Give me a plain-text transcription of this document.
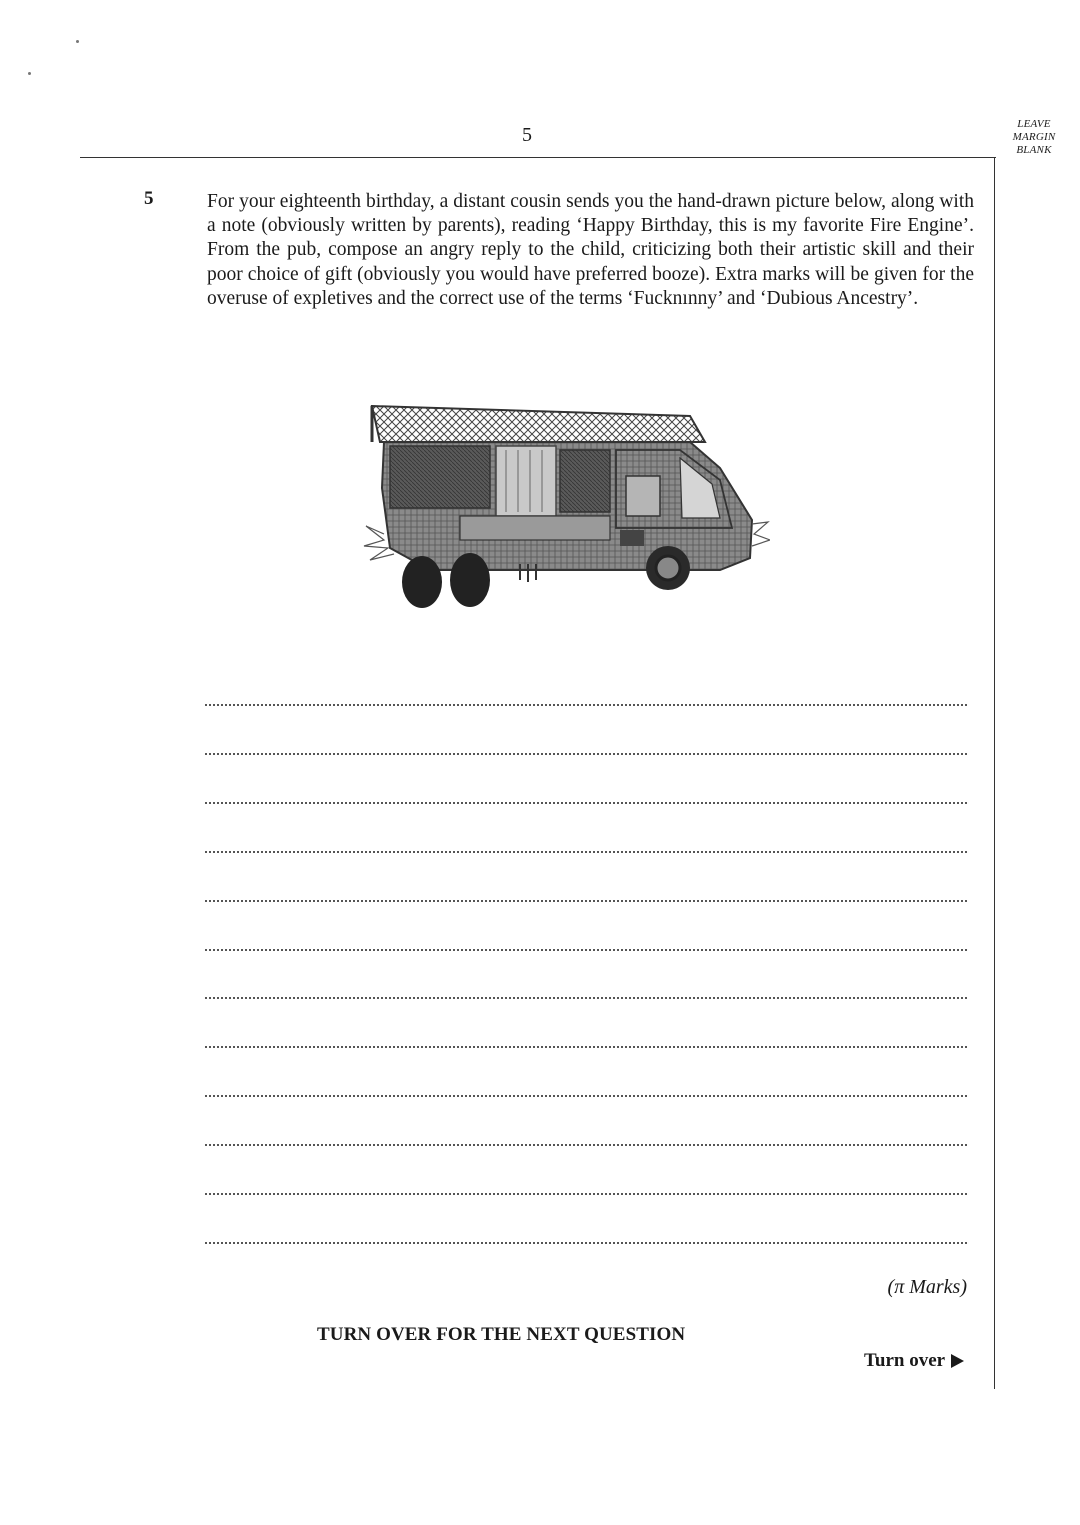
5	LEAVE
MARGIN
BLANK
5	For your eighteenth birthday, a distant cousin sends you the hand-drawn picture below, along with a note (obviously written by parents), reading ‘Happy Birthday, this is my favorite Fire Engine’. From the pub, compose an angry reply to the child, criticizing both their artistic skill and their poor choice of gift (obviously you would have preferred booze). Extra marks will be given for the overuse of expletives and the correct use of the terms ‘Fucknınny’ and ‘Dubious Ancestry’.

(π Marks)
TURN OVER FOR THE NEXT QUESTION
Turn over
